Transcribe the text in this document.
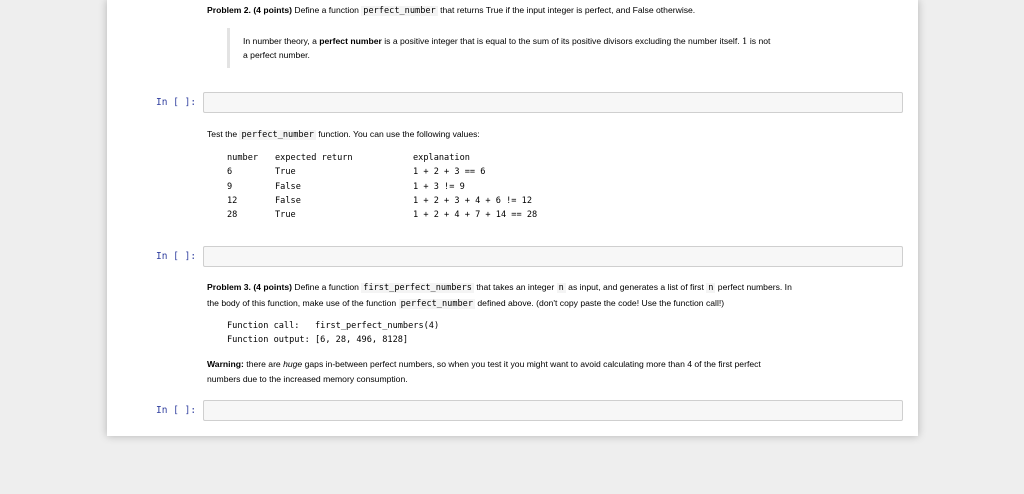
Problem 2. (4 points) Define a function perfect_number that returns True if the input integer is perfect, and False otherwise.
In number theory, a perfect number is a positive integer that is equal to the sum of its positive divisors excluding the number itself. 1 is not
a perfect number.
In [ ]:
Test the perfect_number function. You can use the following values:
number
6
9
12
28
expected return
True
False
False
True
explanation
1 + 2 + 3 == 6
1 + 3 != 9
1 + 2 + 3 + 4 + 6 != 12
1 + 2 + 4 + 7 + 14 == 28
In [ ]:
Problem 3. (4 points) Define a function first_perfect_numbers that takes an integer n as input, and generates a list of first n perfect numbers. In
the body of this function, make use of the function perfect_number defined above. (don't copy paste the code! Use the function call!)
Function call:   first_perfect_numbers(4)
Function output: [6, 28, 496, 8128]
Warning: there are huge gaps in-between perfect numbers, so when you test it you might want to avoid calculating more than 4 of the first perfect
numbers due to the increased memory consumption.
In [ ]:
